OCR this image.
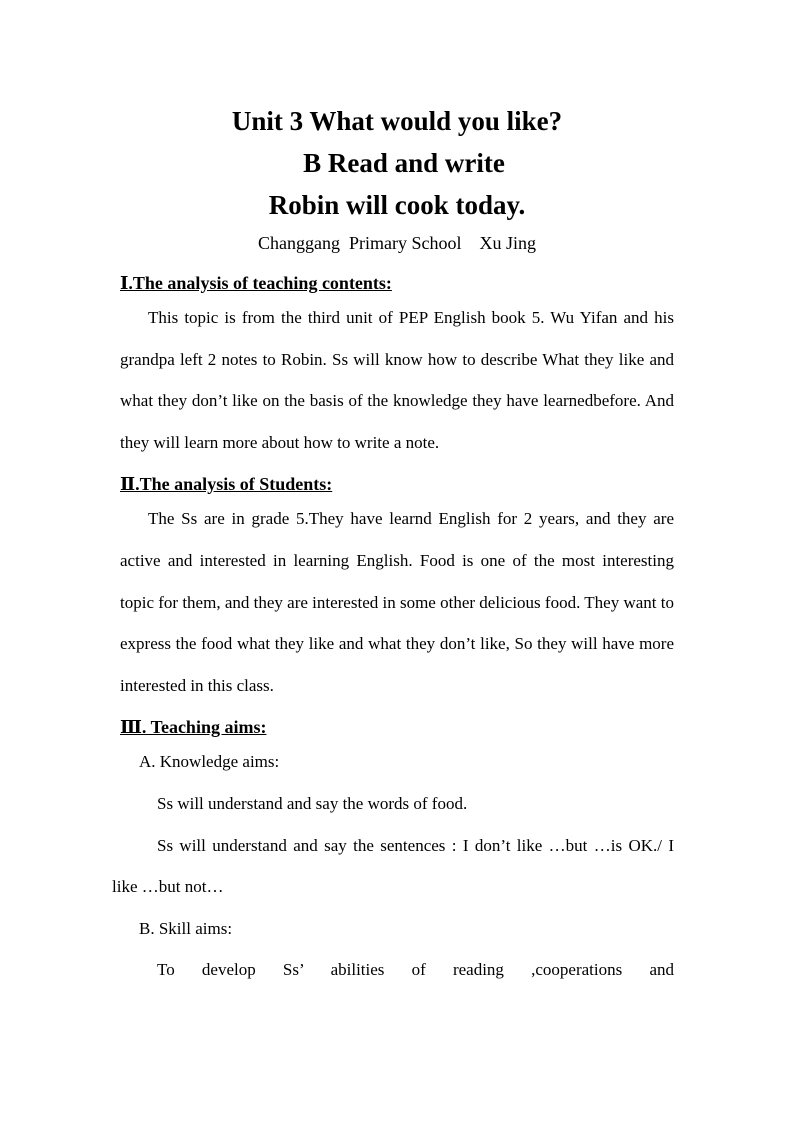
Unit 3 What would you like?
B Read and write
Robin will cook today.
Changgang  Primary School    Xu Jing
Ⅰ.The analysis of teaching contents:

This topic is from the third unit of PEP English book 5. Wu Yifan and his grandpa left 2 notes to Robin. Ss will know how to describe What they like and what they don’t like on the basis of the knowledge they have learnedbefore. And they will learn more about how to write a note.

Ⅱ.The analysis of Students:

The Ss are in grade 5.They have learnd English for 2 years, and they are active and interested in learning English. Food is one of the most interesting topic for them, and they are interested in some other delicious food. They want to express the food what they like and what they don’t like, So they will have more interested in this class.

Ⅲ. Teaching aims:
A. Knowledge aims:

Ss will understand and say the words of food.

Ss will understand and say the sentences : I don’t like …but …is OK./ I like …but not…

B. Skill aims:

To develop Ss’ abilities of reading ,cooperations and
